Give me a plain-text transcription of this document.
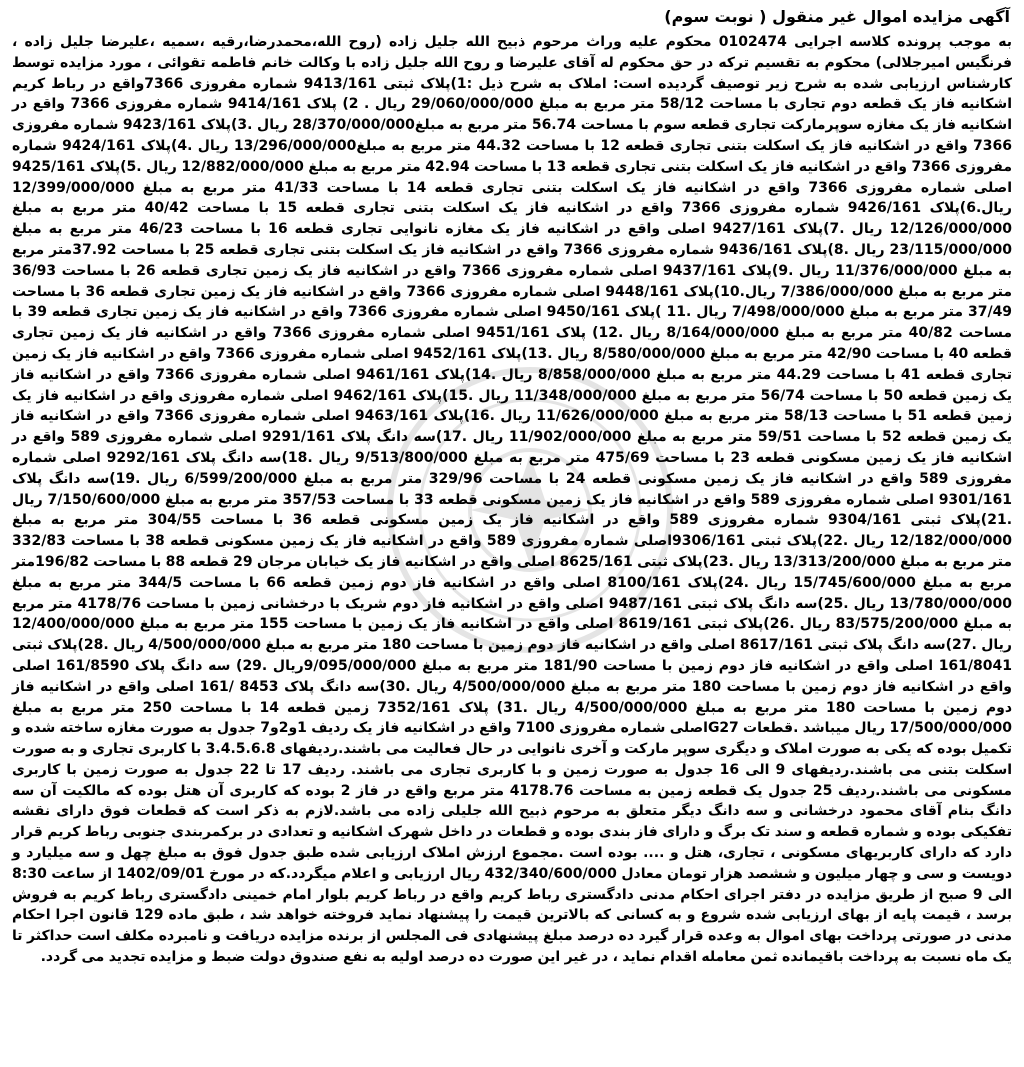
آگهی مزایده اموال غیر منقول ( نوبت سوم)

به موجب پرونده کلاسه اجرایی 0102474 محکوم علیه وراث مرحوم ذبیح الله جلیل زاده (روح الله،محمدرضا،رقیه ،سمیه ،علیرضا جلیل زاده ، فرنگیس امیرجلالی) محکوم به تقسیم ترکه در حق محکوم له آقای علیرضا و روح الله جلیل زاده با وکالت خانم فاطمه تقوائی ، مورد مزایده توسط کارشناس ارزیابی شده به شرح زیر توصیف گردیده است: املاک به شرح ذیل :1)پلاک ثبتی 9413/161 شماره مفروزی 7366واقع در رباط کریم اشکانیه فاز یک قطعه دوم تجاری با مساحت 58/12 متر مربع به مبلغ 29/060/000/000 ریال . 2) پلاک 9414/161 شماره مفروزی 7366 واقع در اشکانیه فاز یک مغازه سوپرمارکت تجاری قطعه سوم با مساحت 56.74 متر مربع به مبلغ28/370/000/000 ریال .3)پلاک 9423/161 شماره مفروزی 7366 واقع در اشکانیه فاز یک اسکلت بتنی تجاری قطعه 12 با مساحت 44.32 متر مربع به مبلغ13/296/000/000 ریال .4)پلاک 9424/161 شماره مفروزی 7366 واقع در اشکانیه فاز یک اسکلت بتنی تجاری قطعه 13 با مساحت 42.94 متر مربع به مبلغ 12/882/000/000 ریال .5)پلاک 9425/161 اصلی شماره مفروزی 7366 واقع در اشکانیه فاز یک اسکلت بتنی تجاری قطعه 14 با مساحت 41/33 متر مربع به مبلغ 12/399/000/000 ریال.6)پلاک 9426/161 شماره مفروزی 7366 واقع در اشکانیه فاز یک اسکلت بتنی تجاری قطعه 15 با مساحت 40/42 متر مربع به مبلغ 12/126/000/000 ریال .7)پلاک 9427/161 اصلی واقع در اشکانیه فاز یک مغازه نانوایی تجاری قطعه 16 با مساحت 46/23 متر مربع به مبلغ 23/115/000/000 ریال .8)پلاک 9436/161 شماره مفروزی 7366 واقع در اشکانیه فاز یک اسکلت بتنی تجاری قطعه 25 با مساحت 37.92متر مربع به مبلغ 11/376/000/000 ریال .9)پلاک 9437/161 اصلی شماره مفروزی 7366 واقع در اشکانیه فاز یک زمین تجاری قطعه 26 با مساحت 36/93 متر مربع به مبلغ 7/386/000/000 ریال.10)پلاک 9448/161 اصلی شماره مفروزی 7366 واقع در اشکانیه فاز یک زمین تجاری قطعه 36 با مساحت 37/49 متر مربع به مبلغ 7/498/000/000 ریال .11 )پلاک 9450/161 اصلی شماره مفروزی 7366 واقع در اشکانیه فاز یک زمین تجاری قطعه 39 با مساحت 40/82 متر مربع به مبلغ 8/164/000/000 ریال .12) پلاک 9451/161 اصلی شماره مفروزی 7366 واقع در اشکانیه فاز یک زمین تجاری قطعه 40 با مساحت 42/90 متر مربع به مبلغ 8/580/000/000 ریال .13)پلاک 9452/161 اصلی شماره مفروزی 7366 واقع در اشکانیه فاز یک زمین تجاری قطعه 41 با مساحت 44.29 متر مربع به مبلغ 8/858/000/000 ریال .14)پلاک 9461/161 اصلی شماره مفروزی 7366 واقع در اشکانیه فاز یک زمین قطعه 50 با مساحت 56/74 متر مربع به مبلغ 11/348/000/000 ریال .15)پلاک 9462/161 اصلی شماره مفروزی واقع در اشکانیه فاز یک زمین قطعه 51 با مساحت 58/13 متر مربع به مبلغ 11/626/000/000 ریال .16)پلاک 9463/161 اصلی شماره مفروزی 7366 واقع در اشکانیه فاز یک زمین قطعه 52 با مساحت 59/51 متر مربع به مبلغ 11/902/000/000 ریال .17)سه دانگ پلاک 9291/161 اصلی شماره مفروزی 589 واقع در اشکانیه فاز یک زمین مسکونی قطعه 23 با مساحت 475/69 متر مربع به مبلغ 9/513/800/000 ریال .18)سه دانگ پلاک 9292/161 اصلی شماره مفروزی 589 واقع در اشکانیه فاز یک زمین مسکونی قطعه 24 با مساحت 329/96 متر مربع به مبلغ 6/599/200/000 ریال .19)سه دانگ پلاک 9301/161 اصلی شماره مفروزی 589 واقع در اشکانیه فاز یک زمین مسکونی قطعه 33 با مساحت 357/53 متر مربع به مبلغ 7/150/600/000 ریال .21)پلاک ثبتی 9304/161 شماره مفروزی 589 واقع در اشکانیه فاز یک زمین مسکونی قطعه 36 با مساحت 304/55 متر مربع به مبلغ 12/182/000/000 ریال .22)پلاک ثبتی 9306/161اصلی شماره مفروزی 589 واقع در اشکانیه فاز یک زمین مسکونی قطعه 38 با مساحت 332/83 متر مربع به مبلغ 13/313/200/000 ریال .23)پلاک ثبتی 8625/161 اصلی واقع در اشکانیه فاز یک خیابان مرجان 29 قطعه 88 با مساحت 196/82متر مربع به مبلغ 15/745/600/000 ریال .24)پلاک 8100/161 اصلی واقع در اشکانیه فاز دوم زمین قطعه 66 با مساحت 344/5 متر مربع به مبلغ 13/780/000/000 ریال .25)سه دانگ پلاک ثبتی 9487/161 اصلی واقع در اشکانیه فاز دوم شریک با درخشانی زمین با مساحت 4178/76 متر مربع به مبلغ 83/575/200/000 ریال .26)پلاک ثبتی 8619/161 اصلی واقع در اشکانیه فاز یک زمین با مساحت 155 متر مربع به مبلغ 12/400/000/000 ریال .27)سه دانگ پلاک ثبتی 8617/161 اصلی واقع در اشکانیه فاز دوم زمین با مساحت 180 متر مربع به مبلغ 4/500/000/000 ریال .28)پلاک ثبتی 161/8041 اصلی واقع در اشکانیه فاز دوم زمین با مساحت 181/90 متر مربع به مبلغ 9/095/000/000ریال .29) سه دانگ پلاک 161/8590 اصلی واقع در اشکانیه فاز دوم زمین با مساحت 180 متر مربع به مبلغ 4/500/000/000 ریال .30)سه دانگ پلاک 8453 /161 اصلی واقع در اشکانیه فاز دوم زمین با مساحت 180 متر مربع به مبلغ 4/500/000/000 ریال .31) پلاک 7352/161 زمین قطعه 14 با مساحت 250 متر مربع به مبلغ 17/500/000/000 ریال میباشد .قطعات G27اصلی شماره مفروزی 7100 واقع در اشکانیه فاز یک ردیف 1و2و7 جدول به صورت مغازه ساخته شده و تکمیل بوده که یکی به صورت املاک و دیگری سوپر مارکت و آخری نانوایی در حال فعالیت می باشند.ردیفهای 3.4.5.6.8 با کاربری تجاری و به صورت اسکلت بتنی می باشند.ردیفهای 9 الی 16 جدول به صورت زمین و با کاربری تجاری می باشند. ردیف 17 تا 22 جدول به صورت زمین با کاربری مسکونی می باشند.ردیف 25 جدول یک قطعه زمین به مساحت 4178.76 متر مربع واقع در فاز 2 بوده که کاربری آن هتل بوده که مالکیت آن سه دانگ بنام آقای محمود درخشانی و سه دانگ دیگر متعلق به مرحوم ذبیح الله جلیلی زاده می باشد.لازم به ذکر است که قطعات فوق دارای نقشه تفکیکی بوده و شماره قطعه و سند تک برگ و دارای فاز بندی بوده و قطعات در داخل شهرک اشکانیه و تعدادی در برکمربندی جنوبی رباط کریم قرار دارد که دارای کاربریهای مسکونی ، تجاری، هتل و .... بوده است .مجموع ارزش املاک ارزیابی شده طبق جدول فوق به مبلغ چهل و سه میلیارد و دویست و سی و چهار میلیون و ششصد هزار تومان معادل 432/340/600/000 ریال ارزیابی و اعلام میگردد.که در مورخ 1402/09/01 از ساعت 8:30 الی 9 صبح از طریق مزایده در دفتر اجرای احکام مدنی دادگستری رباط کریم واقع در رباط کریم بلوار امام خمینی دادگستری رباط کریم به فروش برسد ، قیمت پایه از بهای ارزیابی شده شروع و به کسانی که بالاترین قیمت را پیشنهاد نماید فروخته خواهد شد ، طبق ماده 129 قانون اجرا احکام مدنی در صورتی پرداخت بهای اموال به وعده قرار گیرد ده درصد مبلغ پیشنهادی فی المجلس از برنده مزایده دریافت و نامبرده مکلف است حداکثر تا یک ماه نسبت به پرداخت باقیمانده ثمن معامله اقدام نماید ، در غیر این صورت ده درصد اولیه به نفع صندوق دولت ضبط و مزایده تجدید می گردد.
